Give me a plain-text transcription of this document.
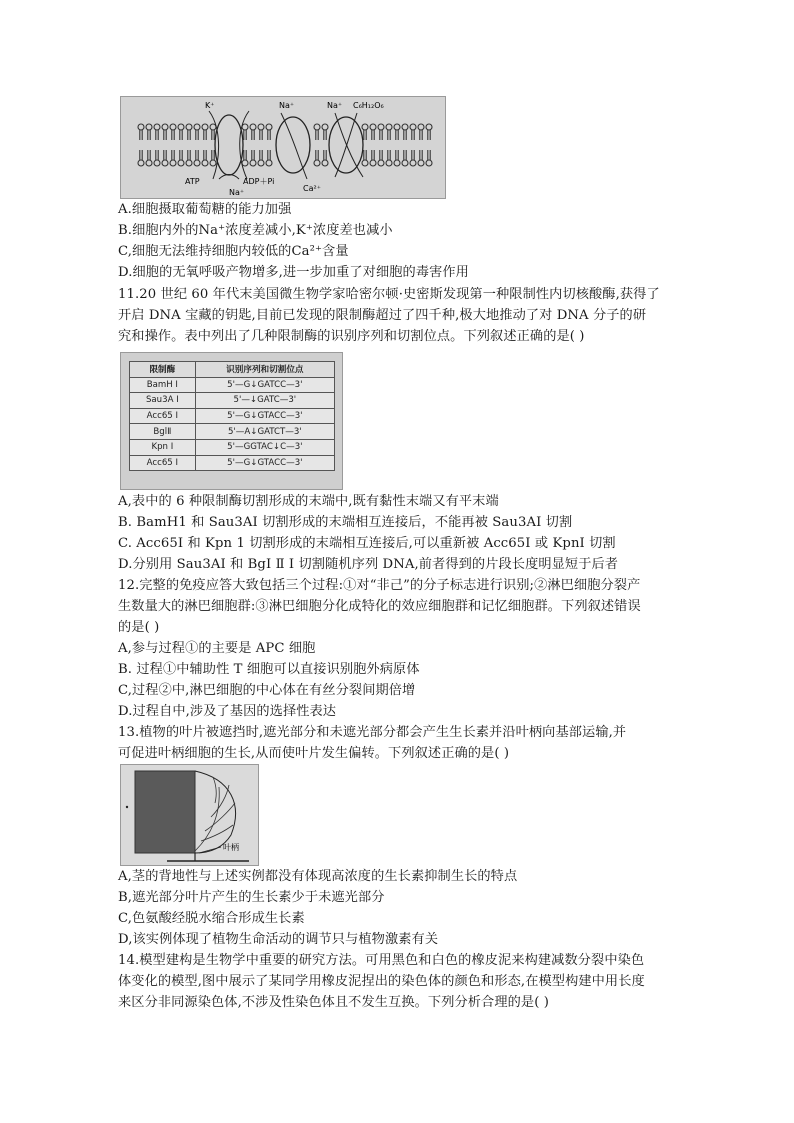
K⁺	Na⁺	Na⁺ C₆H₁₂O₆
ATP	ADP＋Pi
Na⁺	Ca²⁺
A.细胞摄取葡萄糖的能力加强
B.细胞内外的Na⁺浓度差减小,K⁺浓度差也减小
C,细胞无法维持细胞内较低的Ca²⁺含量
D.细胞的无氧呼吸产物增多,进一步加重了对细胞的毒害作用
11.20 世纪 60 年代末美国微生物学家哈密尔顿·史密斯发现第一种限制性内切核酸酶,获得了
开启 DNA 宝藏的钥匙,目前已发现的限制酶超过了四千种,极大地推动了对 DNA 分子的研
究和操作。表中列出了几种限制酶的识别序列和切割位点。下列叙述正确的是( )
限制酶	识别序列和切割位点
BamH Ⅰ	5'—G↓GATCC—3'
Sau3A Ⅰ	5'—↓GATC—3'
Acc65 Ⅰ	5'—G↓GTACC—3'
BglⅡ	5'—A↓GATCT—3'
Kpn Ⅰ	5'—GGTAC↓C—3'
Acc65 Ⅰ	5'—G↓GTACC—3'
A,表中的 6 种限制酶切割形成的末端中,既有黏性末端又有平末端
B. BamH1 和 Sau3AI 切割形成的末端相互连接后，不能再被 Sau3AI 切割
C. Acc65I 和 Kpn 1 切割形成的末端相互连接后,可以重新被 Acc65I 或 KpnI 切割
D.分别用 Sau3AI 和 BgI Ⅱ I 切割随机序列 DNA,前者得到的片段长度明显短于后者
12.完整的免疫应答大致包括三个过程:①对“非己”的分子标志进行识别;②淋巴细胞分裂产
生数量大的淋巴细胞群:③淋巴细胞分化成特化的效应细胞群和记忆细胞群。下列叙述错误
的是( )
A,参与过程①的主要是 APC 细胞
B. 过程①中辅助性 T 细胞可以直接识别胞外病原体
C,过程②中,淋巴细胞的中心体在有丝分裂间期倍增
D.过程自中,涉及了基因的选择性表达
13.植物的叶片被遮挡时,遮光部分和未遮光部分都会产生生长素并沿叶柄向基部运输,并
可促进叶柄细胞的生长,从而使叶片发生偏转。下列叙述正确的是( )
叶柄
A,茎的背地性与上述实例都没有体现高浓度的生长素抑制生长的特点
B,遮光部分叶片产生的生长素少于未遮光部分
C,色氨酸经脱水缩合形成生长素
D,该实例体现了植物生命活动的调节只与植物激素有关
14.模型建构是生物学中重要的研究方法。可用黑色和白色的橡皮泥来构建减数分裂中染色
体变化的模型,图中展示了某同学用橡皮泥捏出的染色体的颜色和形态,在模型构建中用长度
来区分非同源染色体,不涉及性染色体且不发生互换。下列分析合理的是( )
